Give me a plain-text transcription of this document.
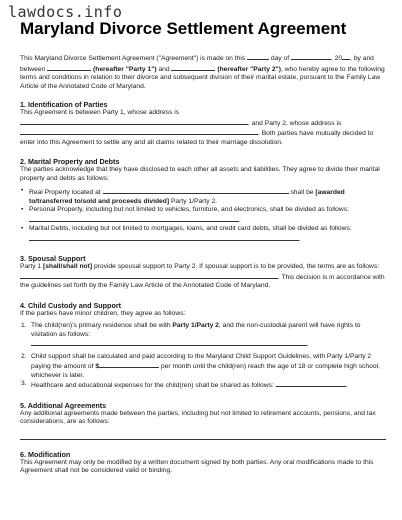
lawdocs.info
Maryland Divorce Settlement Agreement

This Maryland Divorce Settlement Agreement ("Agreement") is made on this	day of	, 20 , by and between	(hereafter "Party 1") and	(hereafter "Party 2"), who hereby agree to the following terms and conditions in relation to their divorce and subsequent division of their marital estate, pursuant to the Family Law Article of the Annotated Code of Maryland.

1. Identification of Parties

This Agreement is between Party 1, whose address is
, and Party 2, whose address is
. Both parties have mutually decided to enter into this Agreement to settle any and all claims related to their marriage dissolution.

2. Marital Property and Debts

The parties acknowledge that they have disclosed to each other all assets and liabilities. They agree to divide their marital property and debts as follows:

• Real Property located at	shall be [awarded to/transferred to/sold and proceeds divided] Party 1/Party 2.
• Personal Property, including but not limited to vehicles, furniture, and electronics, shall be divided as follows: .
• Marital Debts, including but not limited to mortgages, loans, and credit card debts, shall be divided as follows: .
3. Spousal Support

Party 1 [shall/shall not] provide spousal support to Party 2. If spousal support is to be provided, the terms are as follows: . This decision is in accordance with the guidelines set forth by the Family Law Article of the Annotated Code of Maryland.

4. Child Custody and Support

If the parties have minor children, they agree as follows:

1. The child(ren)'s primary residence shall be with Party 1/Party 2, and the non-custodial parent will have rights to visitation as follows:
.
2. Child support shall be calculated and paid according to the Maryland Child Support Guidelines, with Party 1/Party 2 paying the amount of $	per month until the child(ren) reach the age of 18 or complete high school, whichever is later.
3. Healthcare and educational expenses for the child(ren) shall be shared as follows:	.
5. Additional Agreements

Any additional agreements made between the parties, including but not limited to retirement accounts, pensions, and tax considerations, are as follows:

6. Modification

This Agreement may only be modified by a written document signed by both parties. Any oral modifications made to this Agreement shall not be considered valid or binding.
